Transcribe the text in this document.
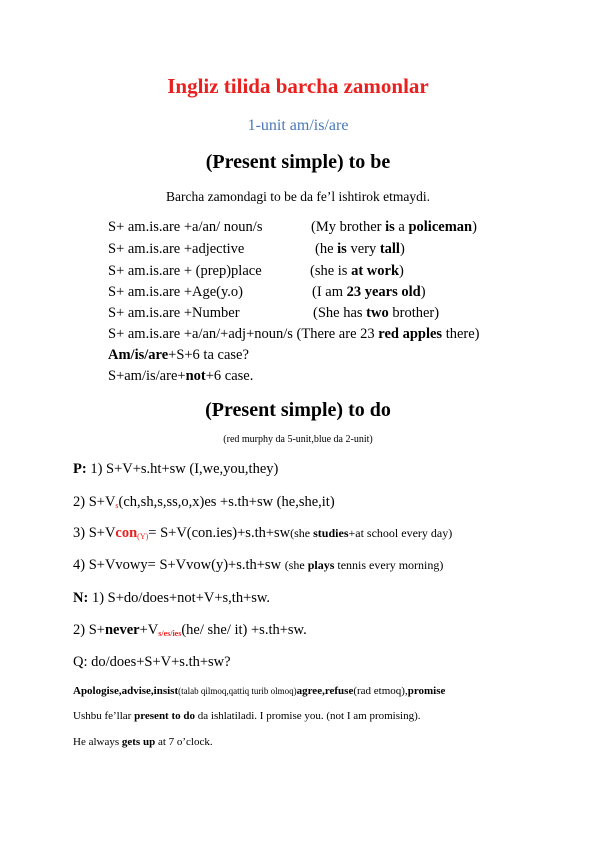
Ingliz tilida barcha zamonlar
1-unit am/is/are
(Present simple) to be
Barcha zamondagi to be da fe’l ishtirok etmaydi.
S+ am.is.are +a/an/ noun/s	(My brother is a policeman)
S+ am.is.are +adjective	(he is very tall)
S+ am.is.are + (prep)place	(she is at work)
S+ am.is.are +Age(y.o)	(I am 23 years old)
S+ am.is.are +Number	(She has two brother)
S+ am.is.are +a/an/+adj+noun/s (There are 23 red apples there)
Am/is/are+S+6 ta case?
S+am/is/are+not+6 case.
(Present simple) to do
(red murphy da 5-unit,blue da 2-unit)
P: 1) S+V+s.ht+sw (I,we,you,they)
2) $S+V_s(ch,sh,s,ss,o,x)es +s.th+sw$ (he,she,it)
3) S+Vcon$_{(Y)}$= S+V(con.ies)+s.th+sw(she studies+at school every day)
4) S+Vvowy= S+Vvow(y)+s.th+sw (she plays tennis every morning)
N: 1) S+do/does+not+V+s,th+sw.
2) $S+never+V_{s/es/ies}(he/$ she/ it) +s.th+sw.
Q: do/does+S+V+s.th+sw?
Apologise,advise,insist(talab qilmoq,qattiq turib olmoq)agree,refuse(rad etmoq),promise
Ushbu fe’llar present to do da ishlatiladi. I promise you. (not I am promising).
He always gets up at 7 o’clock.
